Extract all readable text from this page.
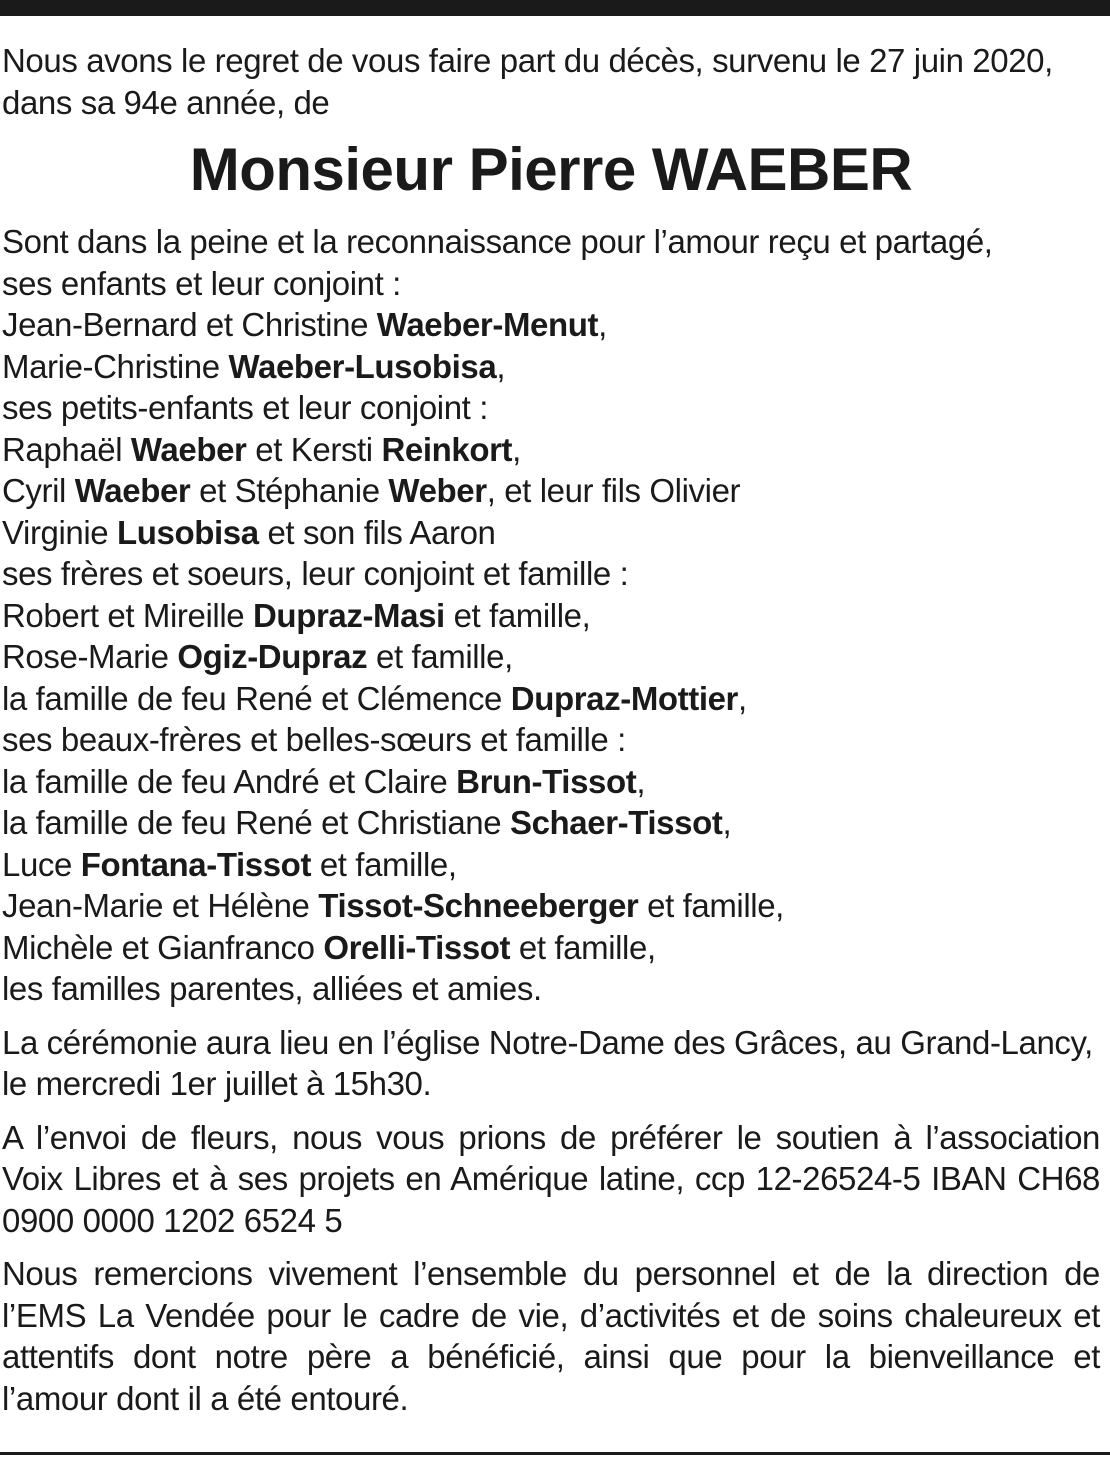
Nous avons le regret de vous faire part du décès, survenu le 27 juin 2020, dans sa 94e année, de

Monsieur Pierre WAEBER
Sont dans la peine et la reconnaissance pour l’amour reçu et partagé,
ses enfants et leur conjoint :
Jean-Bernard et Christine Waeber-Menut,
Marie-Christine Waeber-Lusobisa,
ses petits-enfants et leur conjoint :
Raphaël Waeber et Kersti Reinkort,
Cyril Waeber et Stéphanie Weber, et leur fils Olivier
Virginie Lusobisa et son fils Aaron
ses frères et soeurs, leur conjoint et famille :
Robert et Mireille Dupraz-Masi et famille,
Rose-Marie Ogiz-Dupraz et famille,
la famille de feu René et Clémence Dupraz-Mottier,
ses beaux-frères et belles-sœurs et famille :
la famille de feu André et Claire Brun-Tissot,
la famille de feu René et Christiane Schaer-Tissot,
Luce Fontana-Tissot et famille,
Jean-Marie et Hélène Tissot-Schneeberger et famille,
Michèle et Gianfranco Orelli-Tissot et famille,
les familles parentes, alliées et amies.

La cérémonie aura lieu en l’église Notre-Dame des Grâces, au Grand-Lancy, le mercredi 1er juillet à 15h30.

A l’envoi de fleurs, nous vous prions de préférer le soutien à l’association Voix Libres et à ses projets en Amérique latine, ccp 12-26524-5 IBAN CH68 0900 0000 1202 6524 5

Nous remercions vivement l’ensemble du personnel et de la direction de l’EMS La Vendée pour le cadre de vie, d’activités et de soins chaleureux et attentifs dont notre père a bénéficié, ainsi que pour la bienveillance et l’amour dont il a été entouré.
